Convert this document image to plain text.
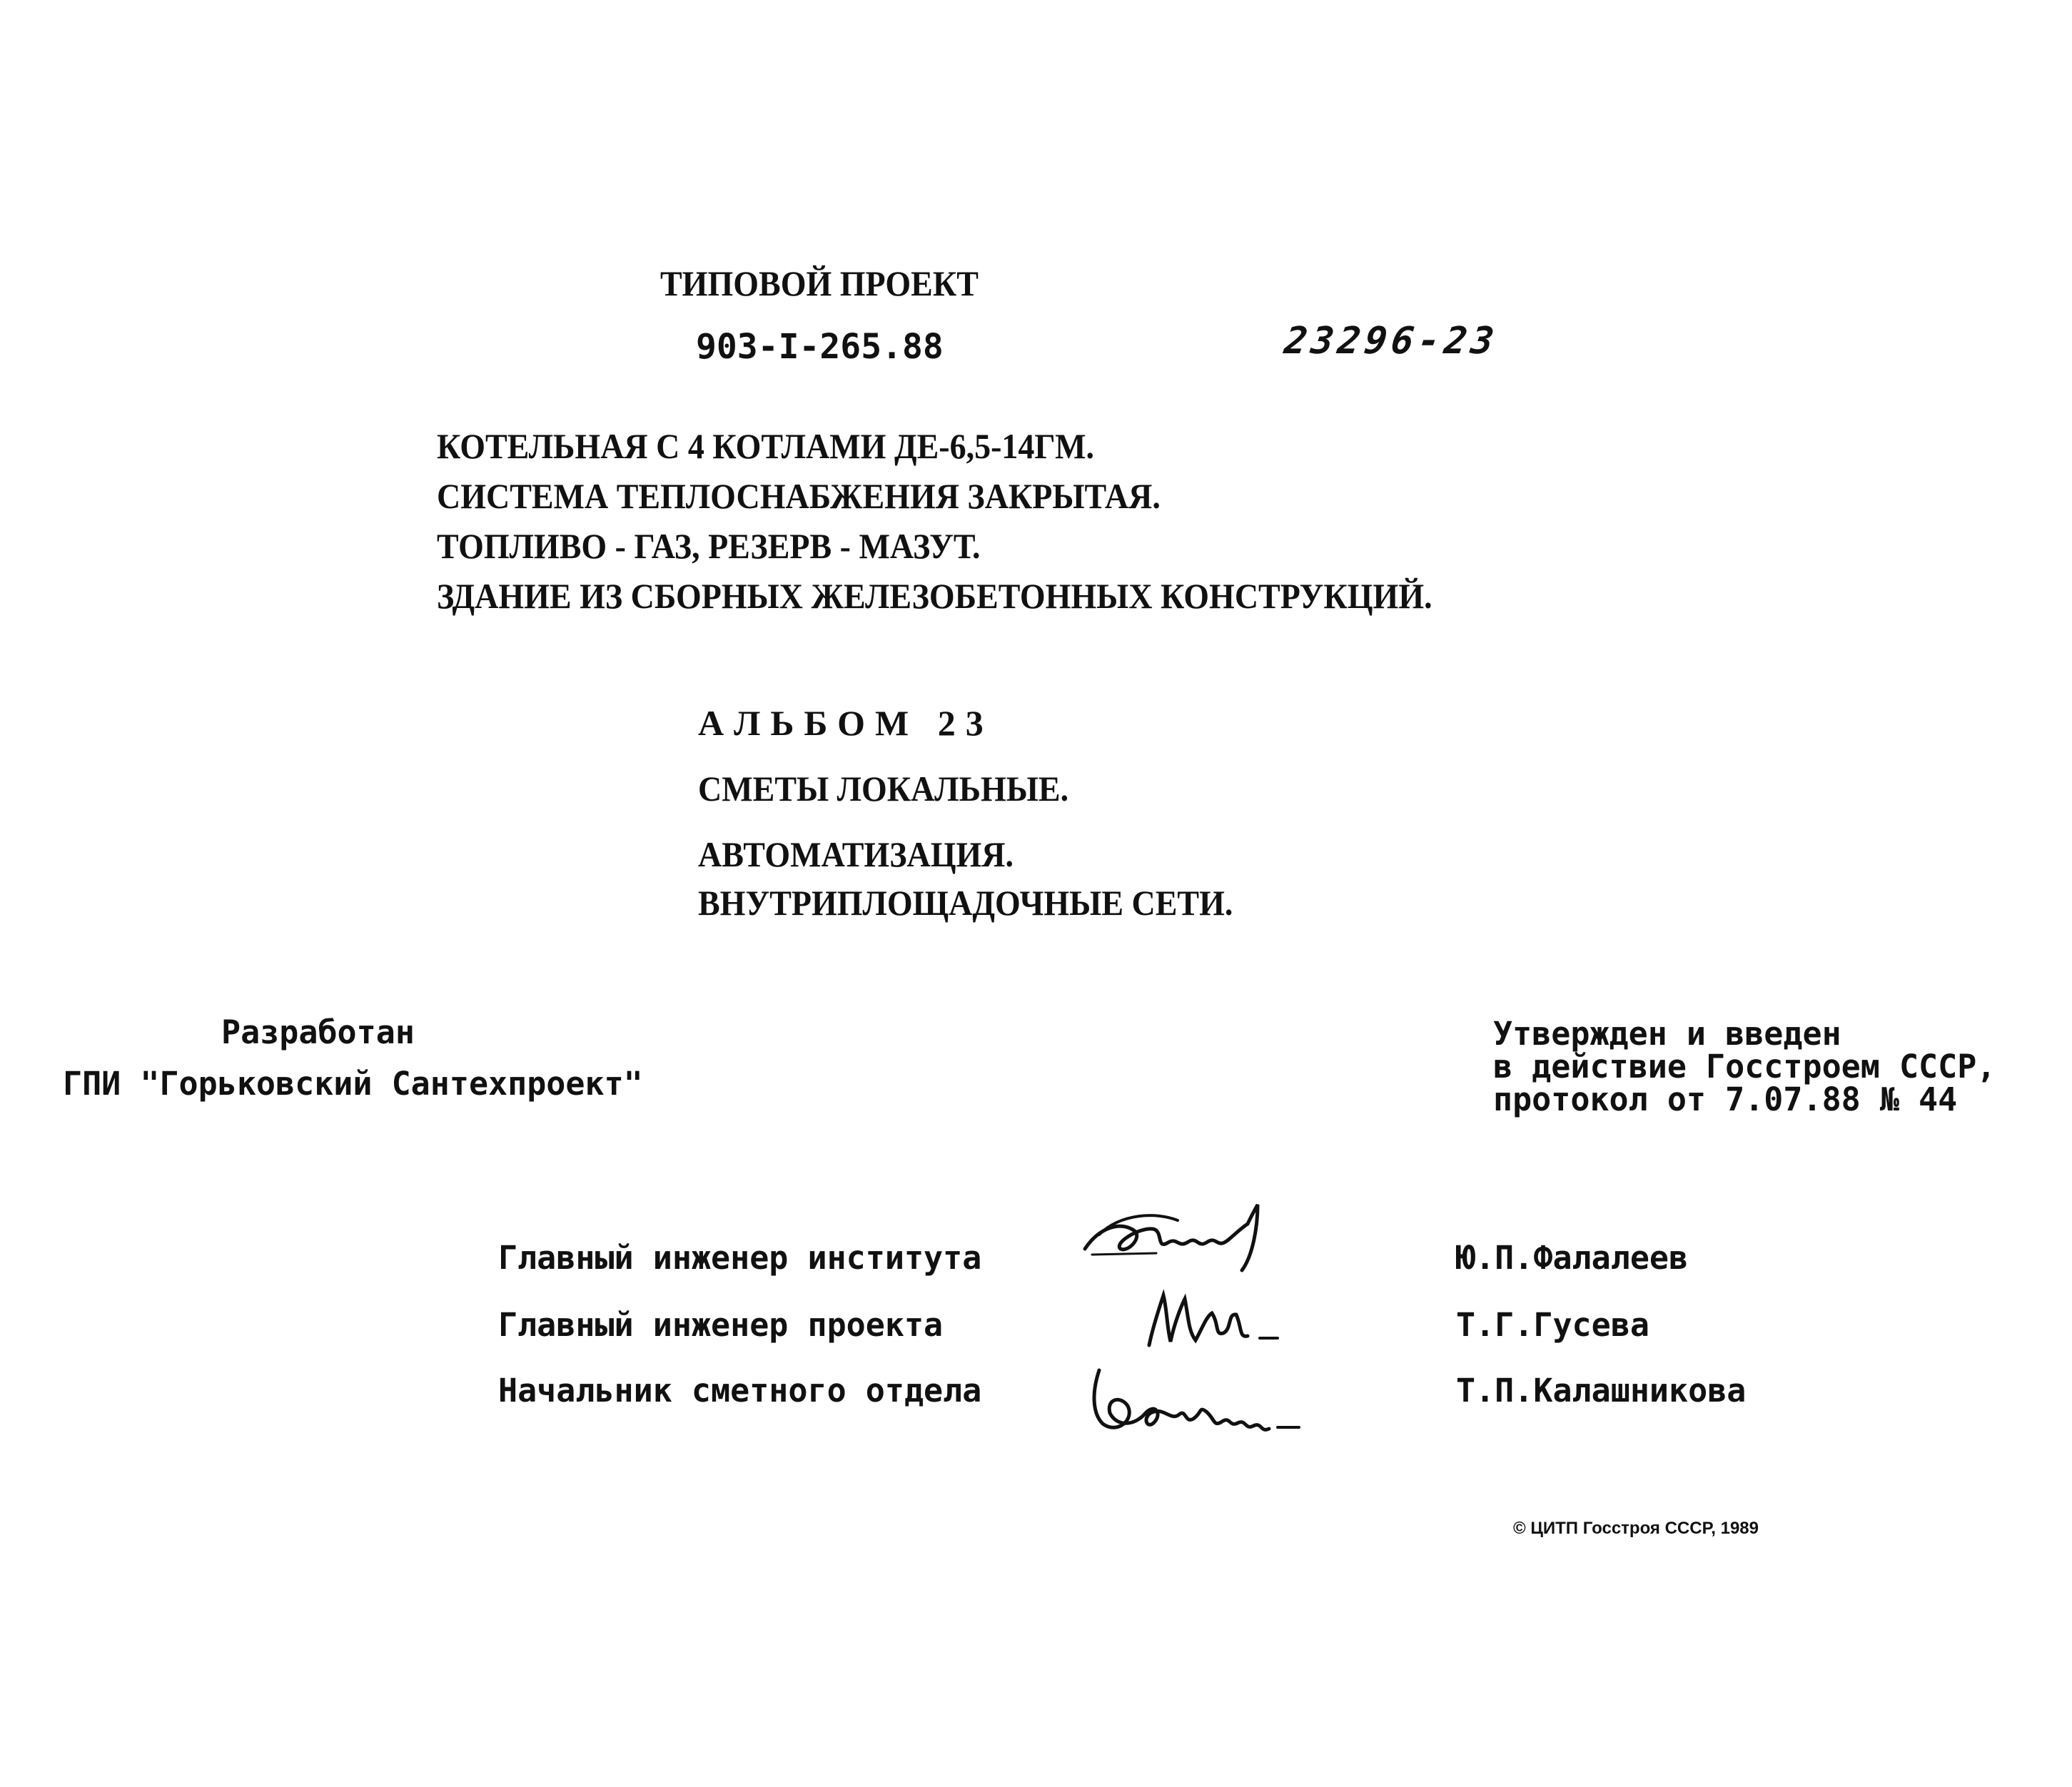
ТИПОВОЙ ПРОЕКТ
903-I-265.88	23296-23
КОТЕЛЬНАЯ С 4 КОТЛАМИ ДЕ-6,5-14ГМ.
СИСТЕМА ТЕПЛОСНАБЖЕНИЯ ЗАКРЫТАЯ.
ТОПЛИВО - ГАЗ, РЕЗЕРВ - МАЗУТ.
ЗДАНИЕ ИЗ СБОРНЫХ ЖЕЛЕЗОБЕТОННЫХ КОНСТРУКЦИЙ.
АЛЬБОМ 23
СМЕТЫ ЛОКАЛЬНЫЕ.
АВТОМАТИЗАЦИЯ.
ВНУТРИПЛОЩАДОЧНЫЕ СЕТИ.
Разработан
ГПИ "Горьковский Сантехпроект"
Утвержден и введен
в действие Госстроем СССР,
протокол от 7.07.88 № 44
Главный инженер института	Ю.П.Фалалеев
Главный инженер проекта	Т.Г.Гусева
Начальник сметного отдела	Т.П.Калашникова
© ЦИТП Госстроя СССР, 1989
